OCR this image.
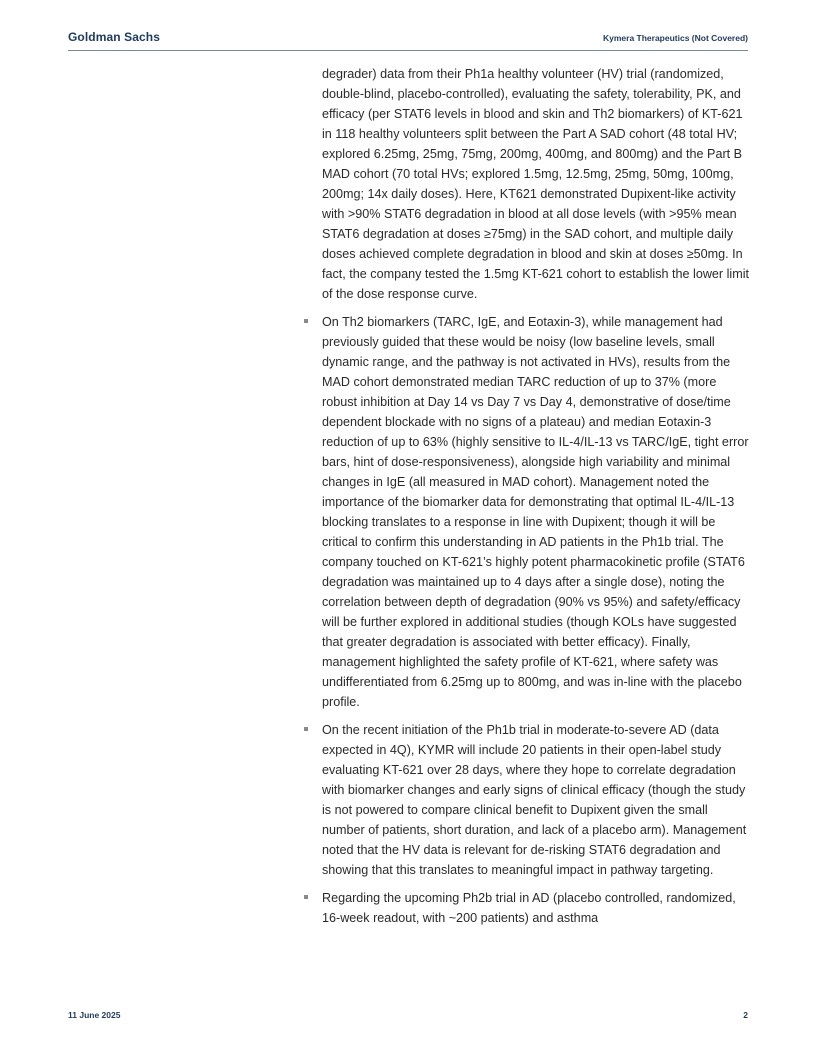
Goldman Sachs	Kymera Therapeutics (Not Covered)

degrader) data from their Ph1a healthy volunteer (HV) trial (randomized, double-blind, placebo-controlled), evaluating the safety, tolerability, PK, and efficacy (per STAT6 levels in blood and skin and Th2 biomarkers) of KT-621 in 118 healthy volunteers split between the Part A SAD cohort (48 total HV; explored 6.25mg, 25mg, 75mg, 200mg, 400mg, and 800mg) and the Part B MAD cohort (70 total HVs; explored 1.5mg, 12.5mg, 25mg, 50mg, 100mg, 200mg; 14x daily doses). Here, KT621 demonstrated Dupixent-like activity with >90% STAT6 degradation in blood at all dose levels (with >95% mean STAT6 degradation at doses ≥75mg) in the SAD cohort, and multiple daily doses achieved complete degradation in blood and skin at doses ≥50mg. In fact, the company tested the 1.5mg KT-621 cohort to establish the lower limit of the dose response curve.

On Th2 biomarkers (TARC, IgE, and Eotaxin-3), while management had previously guided that these would be noisy (low baseline levels, small dynamic range, and the pathway is not activated in HVs), results from the MAD cohort demonstrated median TARC reduction of up to 37% (more robust inhibition at Day 14 vs Day 7 vs Day 4, demonstrative of dose/time dependent blockade with no signs of a plateau) and median Eotaxin-3 reduction of up to 63% (highly sensitive to IL-4/IL-13 vs TARC/IgE, tight error bars, hint of dose-responsiveness), alongside high variability and minimal changes in IgE (all measured in MAD cohort). Management noted the importance of the biomarker data for demonstrating that optimal IL-4/IL-13 blocking translates to a response in line with Dupixent; though it will be critical to confirm this understanding in AD patients in the Ph1b trial. The company touched on KT-621’s highly potent pharmacokinetic profile (STAT6 degradation was maintained up to 4 days after a single dose), noting the correlation between depth of degradation (90% vs 95%) and safety/efficacy will be further explored in additional studies (though KOLs have suggested that greater degradation is associated with better efficacy). Finally, management highlighted the safety profile of KT-621, where safety was undifferentiated from 6.25mg up to 800mg, and was in-line with the placebo profile.
On the recent initiation of the Ph1b trial in moderate-to-severe AD (data expected in 4Q), KYMR will include 20 patients in their open-label study evaluating KT-621 over 28 days, where they hope to correlate degradation with biomarker changes and early signs of clinical efficacy (though the study is not powered to compare clinical benefit to Dupixent given the small number of patients, short duration, and lack of a placebo arm). Management noted that the HV data is relevant for de-risking STAT6 degradation and showing that this translates to meaningful impact in pathway targeting.
Regarding the upcoming Ph2b trial in AD (placebo controlled, randomized, 16-week readout, with ~200 patients) and asthma
11 June 2025	2
